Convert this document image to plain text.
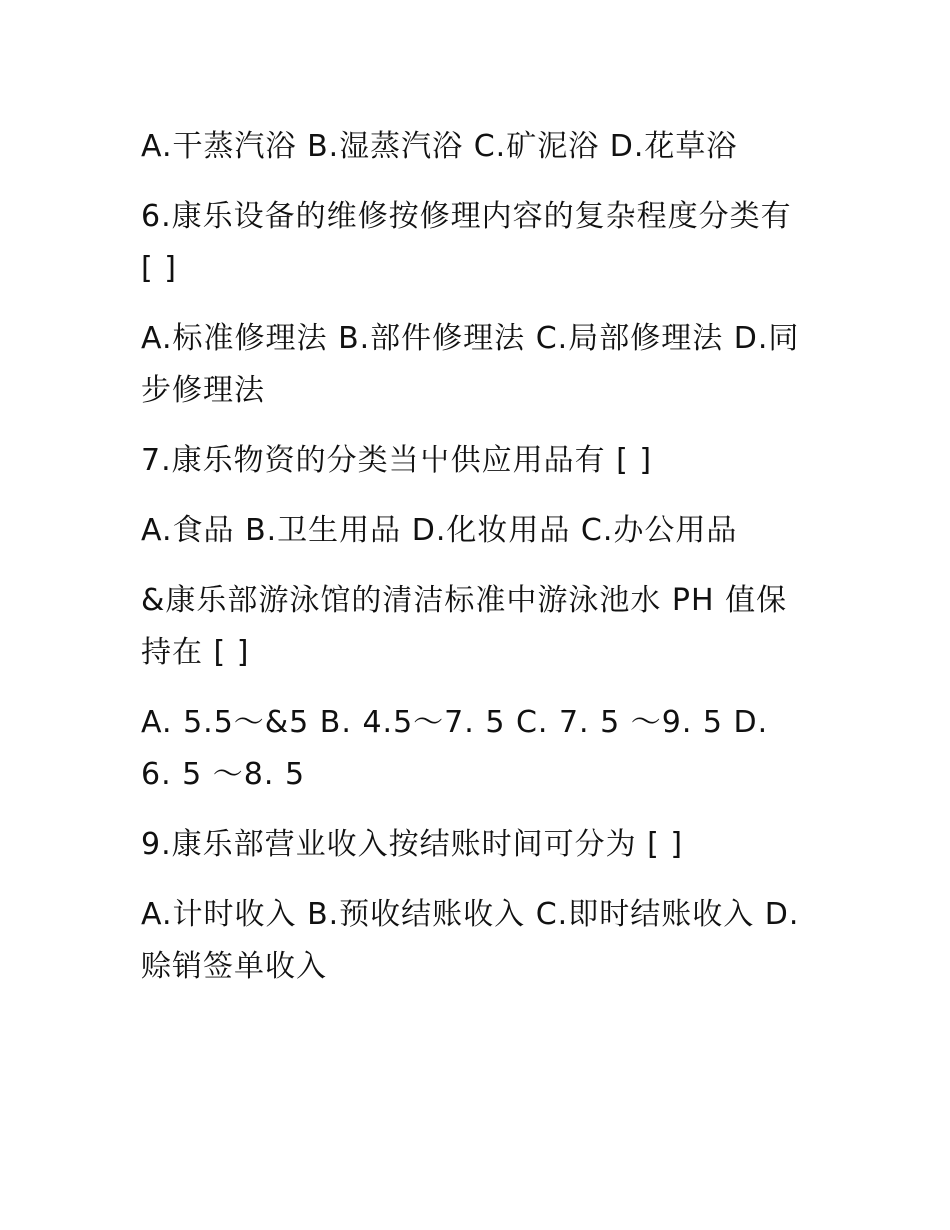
A.干蒸汽浴 B.湿蒸汽浴 C.矿泥浴 D.花草浴

6.康乐设备的维修按修理内容的复杂程度分类有 [ ]

A.标准修理法 B.部件修理法 C.局部修理法 D.同步修理法

7.康乐物资的分类当屮供应用品有 [ ]

A.食品 B.卫生用品 D.化妆用品 C.办公用品

&康乐部游泳馆的清洁标准中游泳池水 PH 值保持在 [ ]

A. 5.5〜&5 B. 4.5〜7. 5 C. 7. 5 〜9. 5 D. 6. 5 〜8. 5

9.康乐部营业收入按结账时间可分为 [ ]

A.计时收入 B.预收结账收入 C.即时结账收入 D.赊销签单收入
